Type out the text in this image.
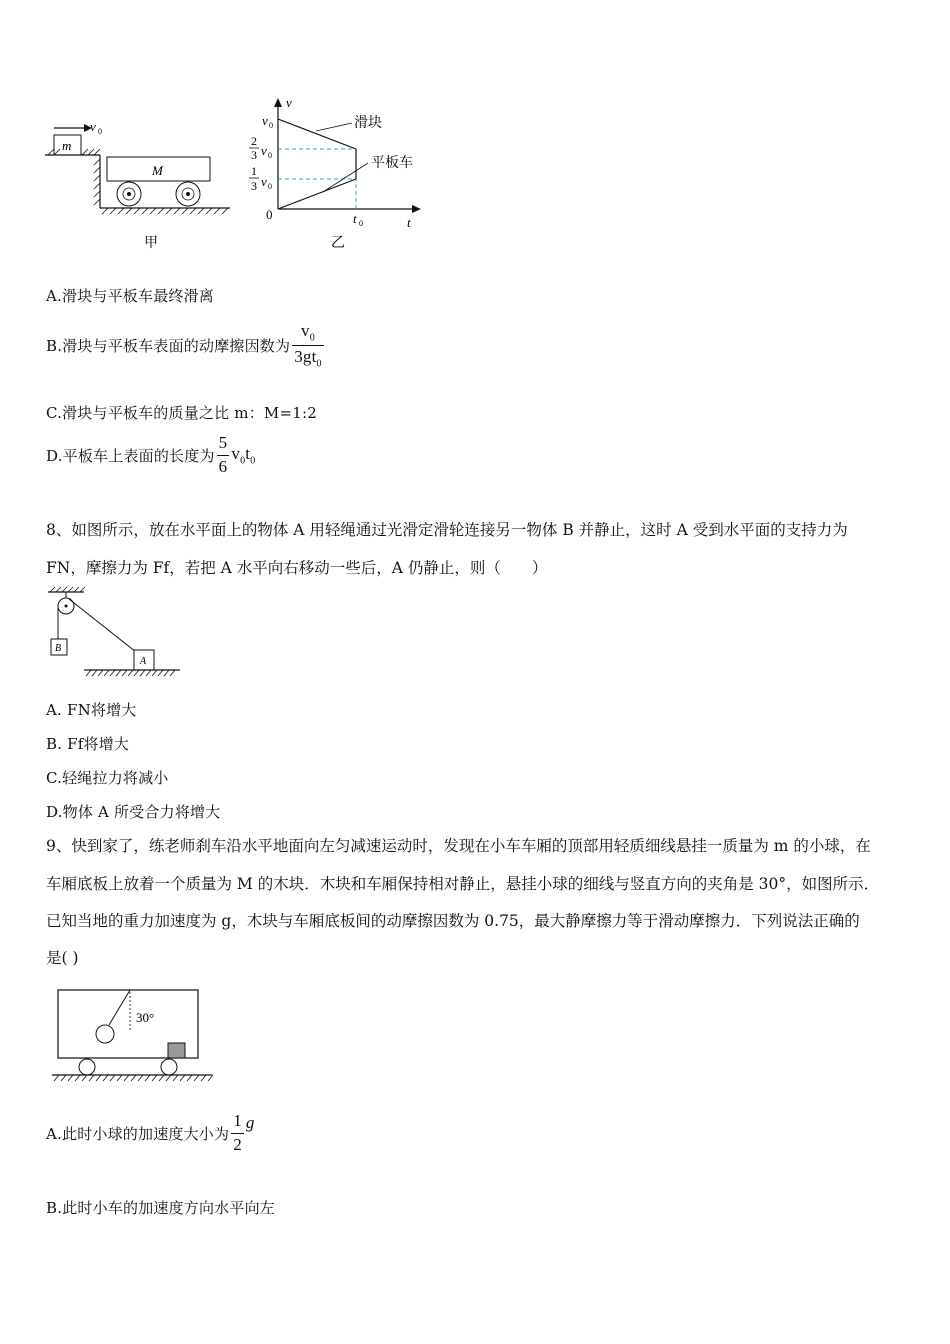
v 0
m
M
甲
v
t
0
v 0
2
3 v 0
1
3 v 0
t 0
滑块
平板车
乙
A.滑块与平板车最终滑离
B.滑块与平板车表面的动摩擦因数为 $\frac{v_0}{3gt_0}$
C.滑块与平板车的质量之比 m：M=1:2
D.平板车上表面的长度为 $\frac{5}{6} v_0t_0$
8、如图所示，放在水平面上的物体 A 用轻绳通过光滑定滑轮连接另一物体 B 并静止，这时 A 受到水平面的支持力为
FN，摩擦力为 Ff，若把 A 水平向右移动一些后，A 仍静止，则（　　）
B
A
A. FN将增大
B. Ff将增大
C.轻绳拉力将减小
D.物体 A 所受合力将增大
9、快到家了，练老师刹车沿水平地面向左匀减速运动时，发现在小车车厢的顶部用轻质细线悬挂一质量为 m 的小球，在
车厢底板上放着一个质量为 M 的木块．木块和车厢保持相对静止，悬挂小球的细线与竖直方向的夹角是 30°，如图所示．
已知当地的重力加速度为 g，木块与车厢底板间的动摩擦因数为 0.75，最大静摩擦力等于滑动摩擦力．下列说法正确的
是( )
30°
A.此时小球的加速度大小为 $\frac{1}{2}$ g
B.此时小车的加速度方向水平向左
